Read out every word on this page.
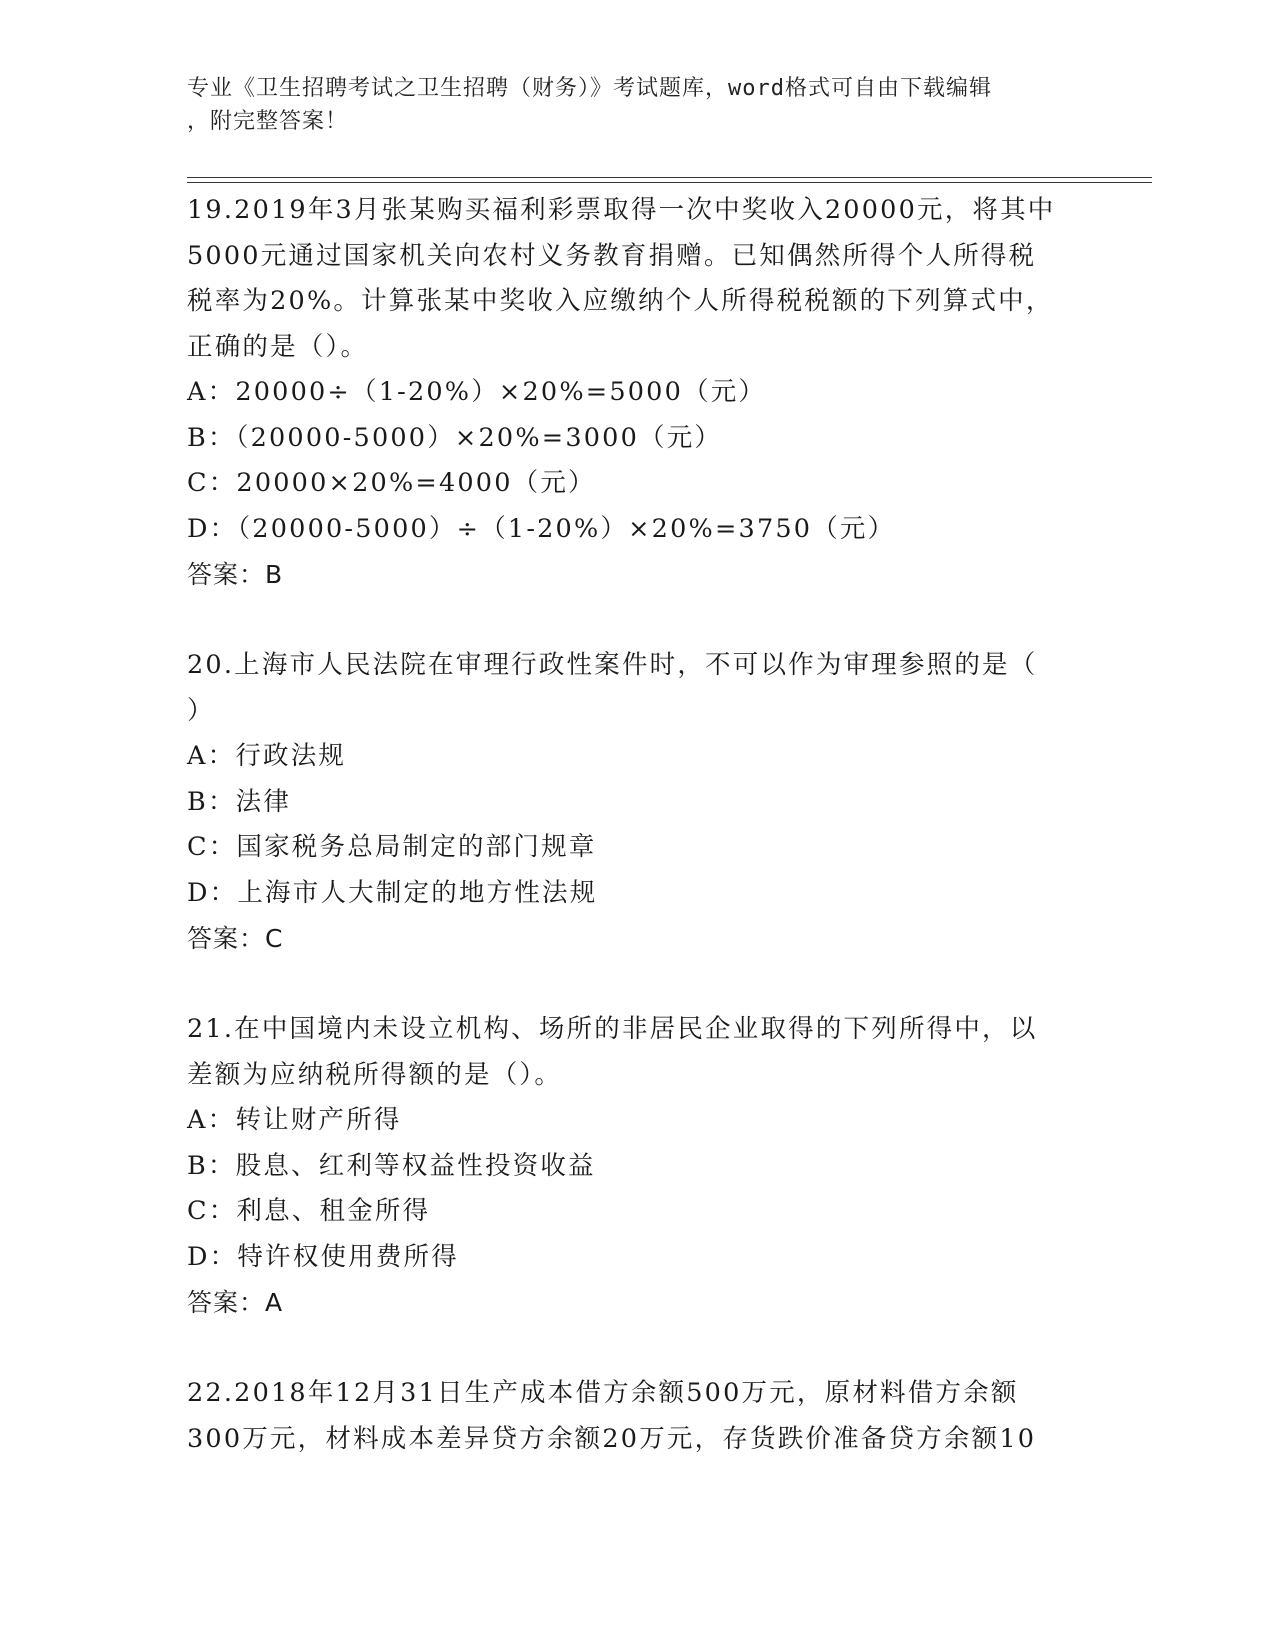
专业《卫生招聘考试之卫生招聘（财务）》考试题库，word格式可自由下载编辑

，附完整答案！

19.2019年3月张某购买福利彩票取得一次中奖收入20000元，将其中

5000元通过国家机关向农村义务教育捐赠。已知偶然所得个人所得税

税率为20%。计算张某中奖收入应缴纳个人所得税税额的下列算式中，

正确的是（）。

A：20000÷（1-20%）×20%=5000（元）

B：（20000-5000）×20%=3000（元）

C：20000×20%=4000（元）

D：（20000-5000）÷（1-20%）×20%=3750（元）

答案：B

20.上海市人民法院在审理行政性案件时，不可以作为审理参照的是（

）

A：行政法规

B：法律

C：国家税务总局制定的部门规章

D：上海市人大制定的地方性法规

答案：C

21.在中国境内未设立机构、场所的非居民企业取得的下列所得中，以

差额为应纳税所得额的是（）。

A：转让财产所得

B：股息、红利等权益性投资收益

C：利息、租金所得

D：特许权使用费所得

答案：A

22.2018年12月31日生产成本借方余额500万元，原材料借方余额

300万元，材料成本差异贷方余额20万元，存货跌价准备贷方余额10
